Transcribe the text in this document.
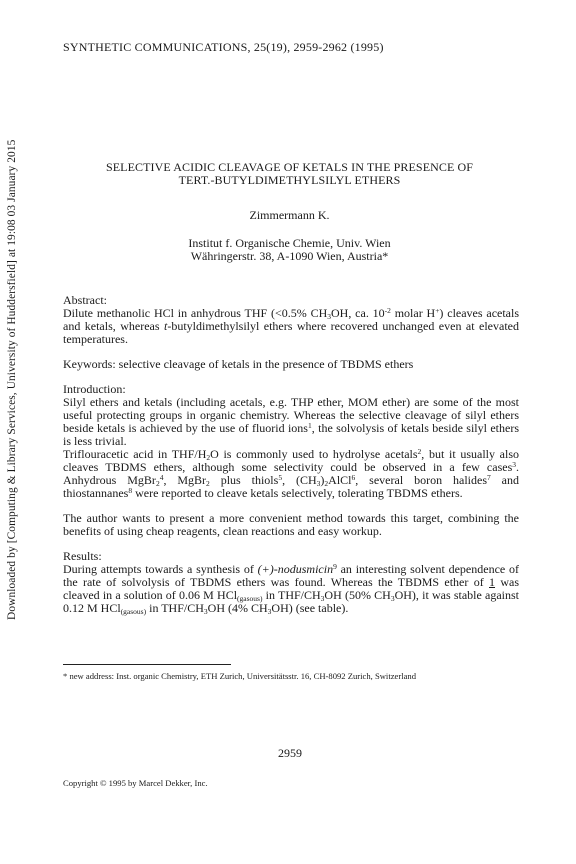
Downloaded by [Computing & Library Services, University of Huddersfield] at 19:08 03 January 2015
SYNTHETIC COMMUNICATIONS, 25(19), 2959-2962 (1995)
SELECTIVE ACIDIC CLEAVAGE OF KETALS IN THE PRESENCE OF
TERT.-BUTYLDIMETHYLSILYL ETHERS
Zimmermann K.
Institut f. Organische Chemie, Univ. Wien
Währingerstr. 38, A-1090 Wien, Austria*

Abstract:

Dilute methanolic HCl in anhydrous THF (<0.5% $CH_3OH$, ca. $10^{-2}$ molar H+) cleaves acetals and ketals, whereas t-butyldimethylsilyl ethers where recovered unchanged even at elevated temperatures.

Keywords: selective cleavage of ketals in the presence of TBDMS ethers

Introduction:

Silyl ethers and ketals (including acetals, e.g. THP ether, MOM ether) are some of the most useful protecting groups in organic chemistry. Whereas the selective cleavage of silyl ethers beside ketals is achieved by the use of fluorid ions$^1$, the solvolysis of ketals beside silyl ethers is less trivial.

Triflouracetic acid in THF/$H_2O$ is commonly used to hydrolyse acetals$^2$, but it usually also cleaves TBDMS ethers, although some selectivity could be observed in a few cases$^3$. Anhydrous MgBr$_2^4$, MgBr$_2$ plus thiols$^5$, $(CH_3)_2AlCl^6$, several boron halides$^7$ and thiostannanes$^8$ were reported to cleave ketals selectively, tolerating TBDMS ethers.

The author wants to present a more convenient method towards this target, combining the benefits of using cheap reagents, clean reactions and easy workup.

Results:

During attempts towards a synthesis of (+)-nodusmicin$^9$ an interesting solvent dependence of the rate of solvolysis of TBDMS ethers was found. Whereas the TBDMS ether of 1 was cleaved in a solution of 0.06 M HCl$_{(gasous)}$ in THF/$CH_3OH$ (50% $CH_3OH$), it was stable against 0.12 M HCl$_{(gasous)}$ in THF/$CH_3OH$ (4% $CH_3OH$) (see table).

* new address: Inst. organic Chemistry, ETH Zurich, Universitätsstr. 16, CH-8092 Zurich, Switzerland
2959
Copyright © 1995 by Marcel Dekker, Inc.
